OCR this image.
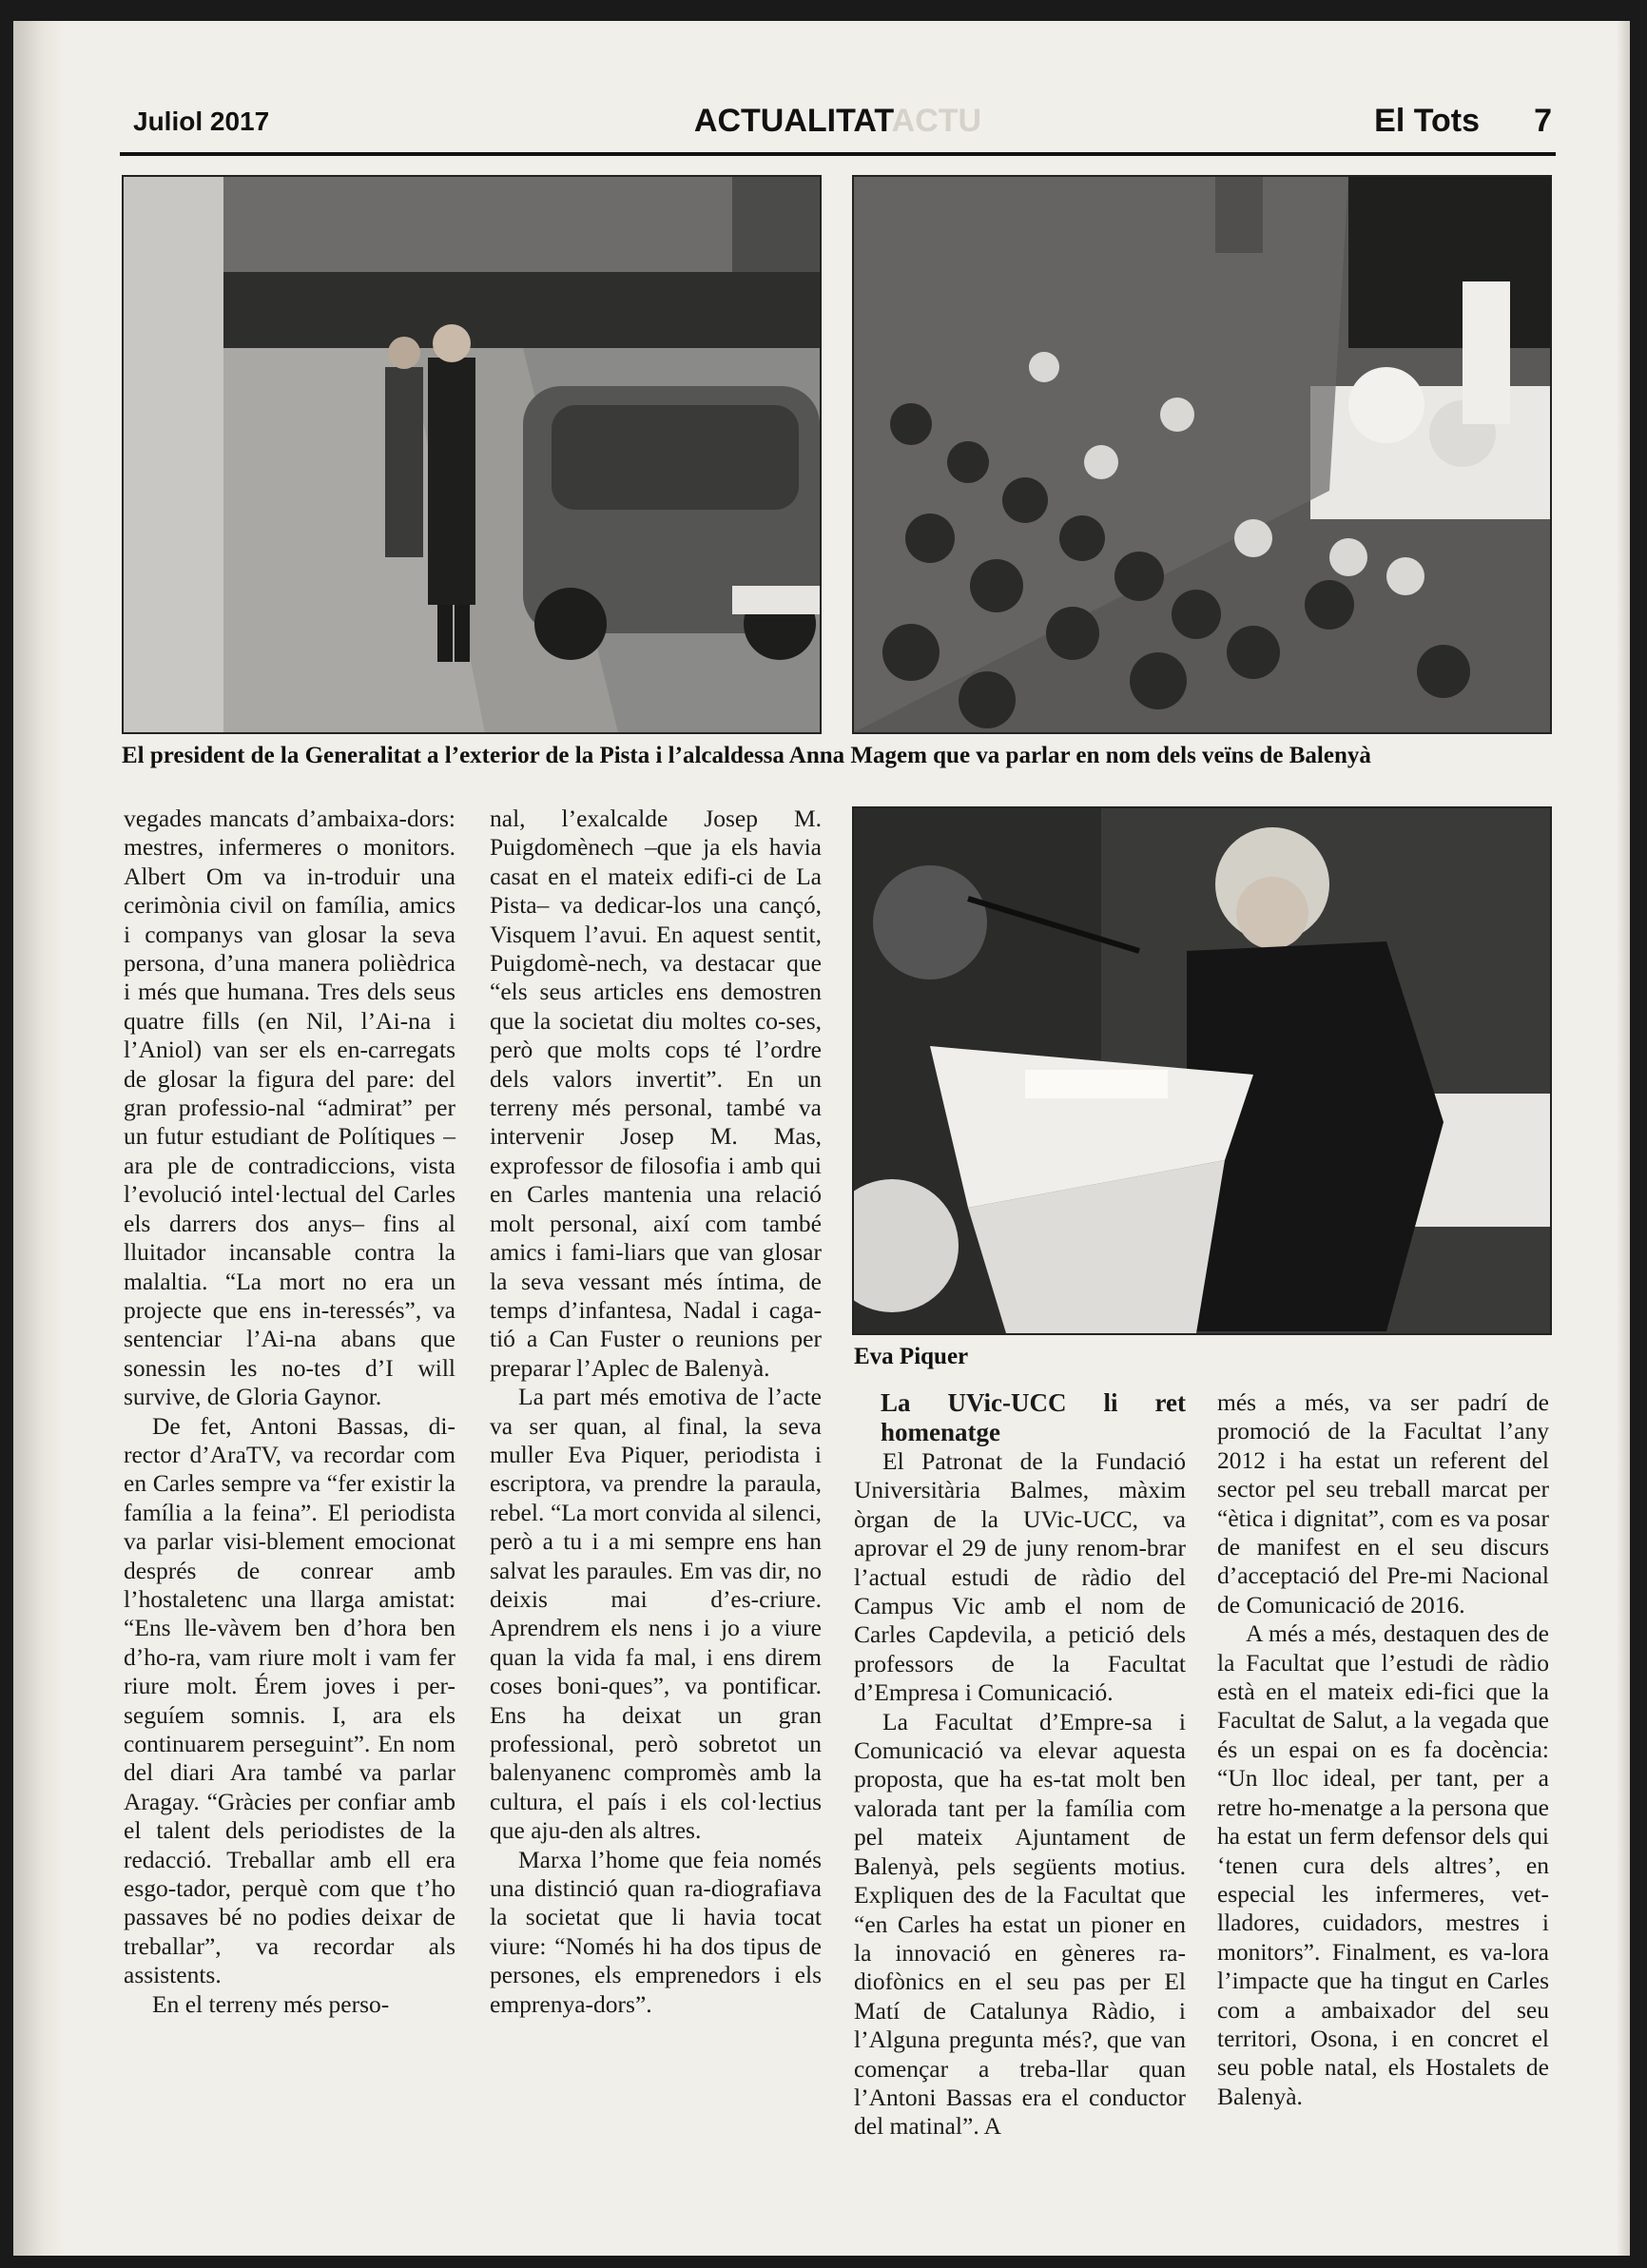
Juliol 2017	ACTUALITATACTU	El Tots 7
El president de la Generalitat a l’exterior de la Pista i l’alcaldessa Anna Magem que va parlar en nom dels veïns de Balenyà
Eva Piquer

vegades mancats d’ambaixa-dors: mestres, infermeres o monitors. Albert Om va in-troduir una cerimònia civil on família, amics i companys van glosar la seva persona, d’una manera polièdrica i més que humana. Tres dels seus quatre fills (en Nil, l’Ai-na i l’Aniol) van ser els en-carregats de glosar la figura del pare: del gran professio-nal “admirat” per un futur estudiant de Polítiques –ara ple de contradiccions, vista l’evolució intel·lectual del Carles els darrers dos anys– fins al lluitador incansable contra la malaltia. “La mort no era un projecte que ens in-teressés”, va sentenciar l’Ai-na abans que sonessin les no-tes d’I will survive, de Gloria Gaynor.

De fet, Antoni Bassas, di-rector d’AraTV, va recordar com en Carles sempre va “fer existir la família a la feina”. El periodista va parlar visi-blement emocionat després de conrear amb l’hostaletenc una llarga amistat: “Ens lle-vàvem ben d’hora ben d’ho-ra, vam riure molt i vam fer riure molt. Érem joves i per-seguíem somnis. I, ara els continuarem perseguint”. En nom del diari Ara també va parlar Aragay. “Gràcies per confiar amb el talent dels periodistes de la redacció. Treballar amb ell era esgo-tador, perquè com que t’ho passaves bé no podies deixar de treballar”, va recordar als assistents.

En el terreny més perso-

nal, l’exalcalde Josep M. Puigdomènech –que ja els havia casat en el mateix edifi-ci de La Pista– va dedicar-los una cançó, Visquem l’avui. En aquest sentit, Puigdomè-nech, va destacar que “els seus articles ens demostren que la societat diu moltes co-ses, però que molts cops té l’ordre dels valors invertit”. En un terreny més personal, també va intervenir Josep M. Mas, exprofessor de filosofia i amb qui en Carles mantenia una relació molt personal, així com també amics i fami-liars que van glosar la seva vessant més íntima, de temps d’infantesa, Nadal i caga-tió a Can Fuster o reunions per preparar l’Aplec de Balenyà.

La part més emotiva de l’acte va ser quan, al final, la seva muller Eva Piquer, periodista i escriptora, va prendre la paraula, rebel. “La mort convida al silenci, però a tu i a mi sempre ens han salvat les paraules. Em vas dir, no deixis mai d’es-criure. Aprendrem els nens i jo a viure quan la vida fa mal, i ens direm coses boni-ques”, va pontificar. Ens ha deixat un gran professional, però sobretot un balenyanenc compromès amb la cultura, el país i els col·lectius que aju-den als altres.

Marxa l’home que feia només una distinció quan ra-diografiava la societat que li havia tocat viure: “Només hi ha dos tipus de persones, els emprenedors i els emprenya-dors”.

La UVic-UCC li ret homenatge

El Patronat de la Fundació Universitària Balmes, màxim òrgan de la UVic-UCC, va aprovar el 29 de juny renom-brar l’actual estudi de ràdio del Campus Vic amb el nom de Carles Capdevila, a petició dels professors de la Facultat d’Empresa i Comunicació.

La Facultat d’Empre-sa i Comunicació va elevar aquesta proposta, que ha es-tat molt ben valorada tant per la família com pel mateix Ajuntament de Balenyà, pels següents motius. Expliquen des de la Facultat que “en Carles ha estat un pioner en la innovació en gèneres ra-diofònics en el seu pas per El Matí de Catalunya Ràdio, i l’Alguna pregunta més?, que van començar a treba-llar quan l’Antoni Bassas era el conductor del matinal”. A

més a més, va ser padrí de promoció de la Facultat l’any 2012 i ha estat un referent del sector pel seu treball marcat per “ètica i dignitat”, com es va posar de manifest en el seu discurs d’acceptació del Pre-mi Nacional de Comunicació de 2016.

A més a més, destaquen des de la Facultat que l’estudi de ràdio està en el mateix edi-fici que la Facultat de Salut, a la vegada que és un espai on es fa docència: “Un lloc ideal, per tant, per a retre ho-menatge a la persona que ha estat un ferm defensor dels qui ‘tenen cura dels altres’, en especial les infermeres, vet-lladores, cuidadors, mestres i monitors”. Finalment, es va-lora l’impacte que ha tingut en Carles com a ambaixador del seu territori, Osona, i en concret el seu poble natal, els Hostalets de Balenyà.
